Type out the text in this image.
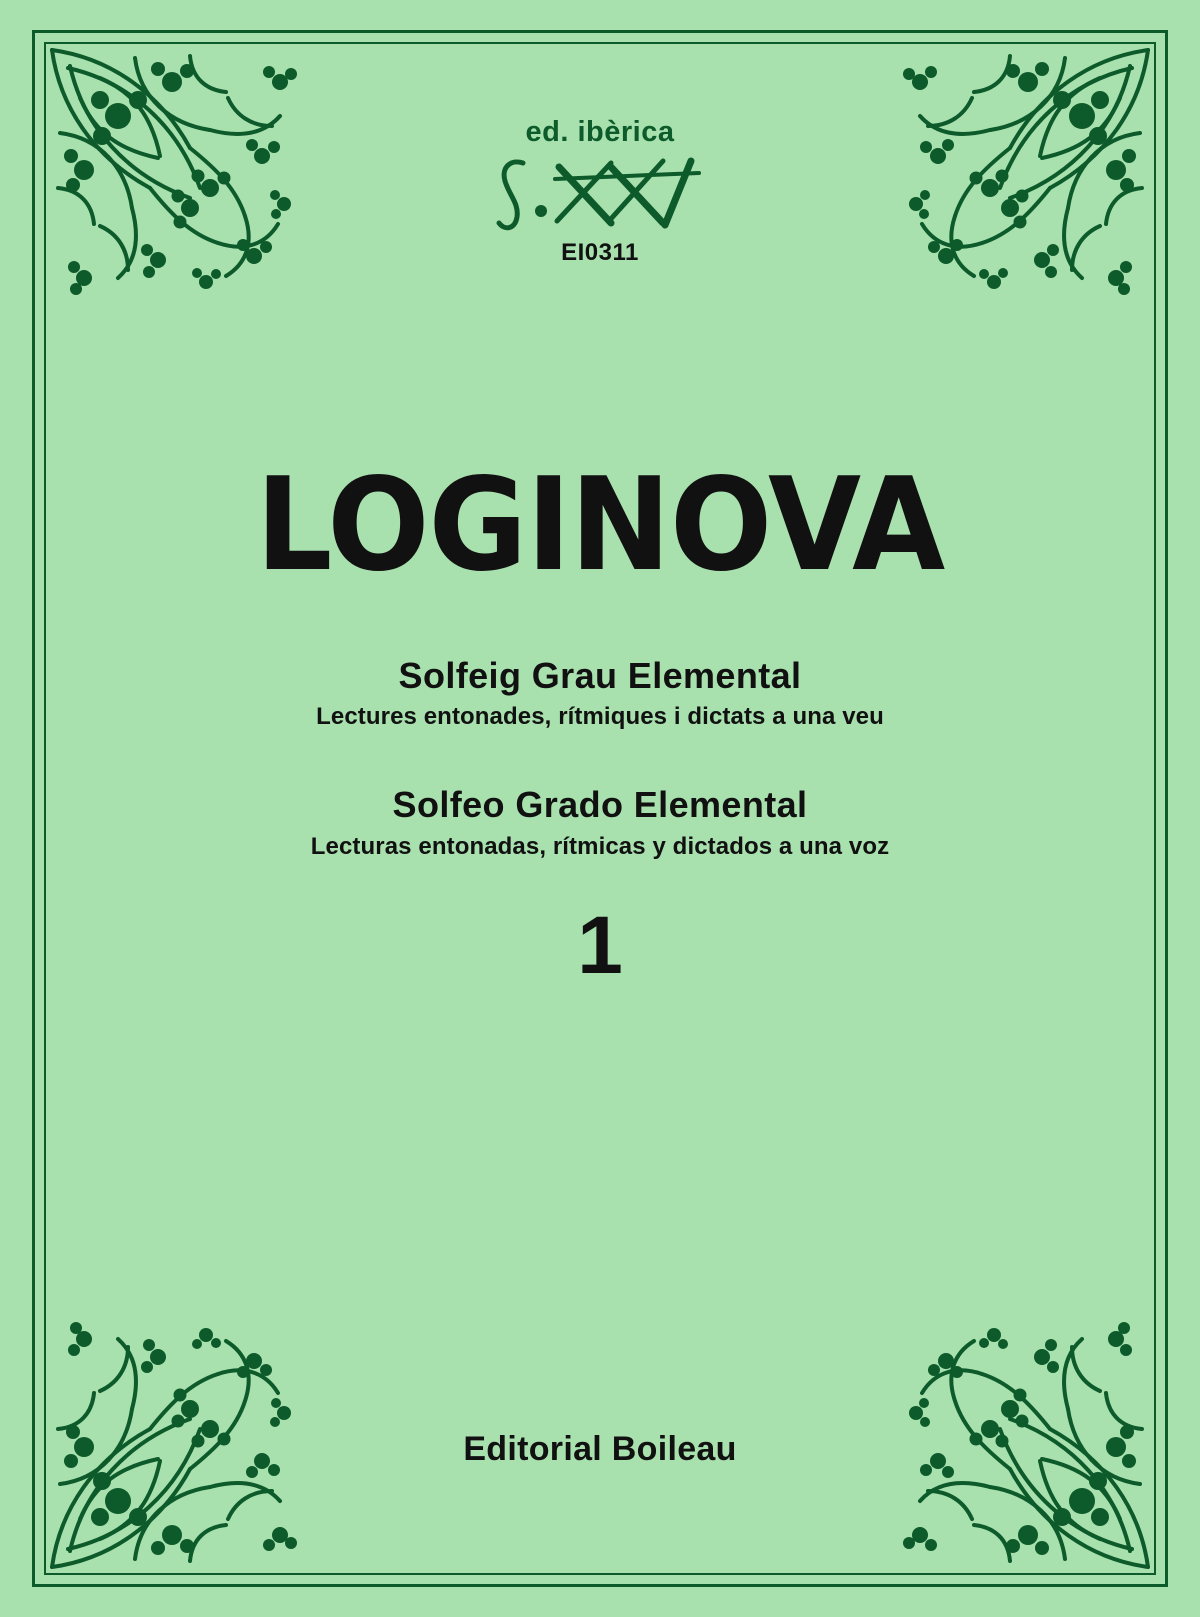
ed. ibèrica
EI0311
LOGINOVA
Solfeig Grau Elemental
Lectures entonades, rítmiques i dictats a una veu
Solfeo Grado Elemental
Lecturas entonadas, rítmicas y dictados a una voz
1
Editorial Boileau
